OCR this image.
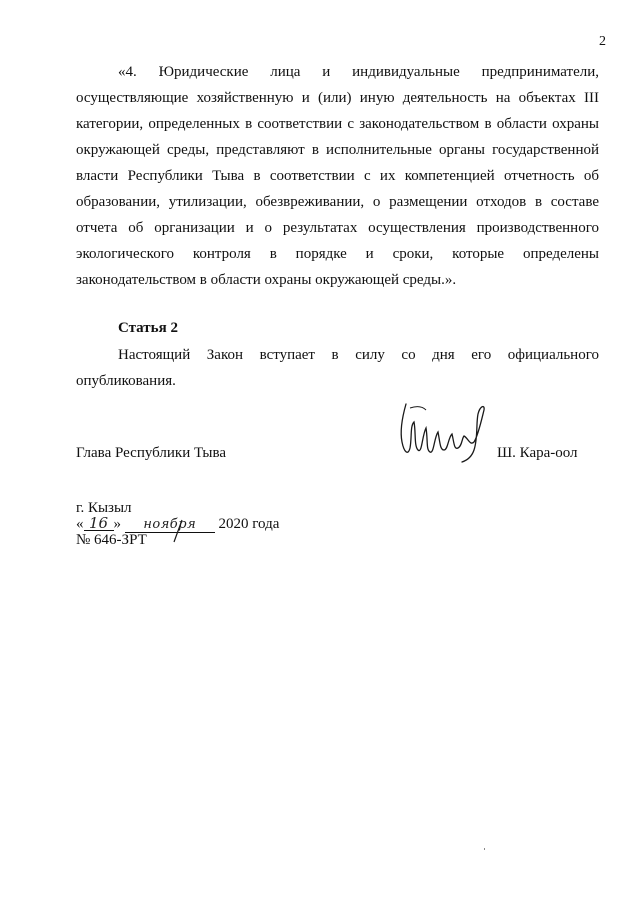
2
«4. Юридические лица и индивидуальные предприниматели,
осуществляющие хозяйственную и (или) иную деятельность на объектах III
категории, определенных в соответствии с законодательством в области охраны
окружающей среды, представляют в исполнительные органы государственной
власти Республики Тыва в соответствии с их компетенцией отчетность об
образовании, утилизации, обезвреживании, о размещении отходов в составе
отчета об организации и о результатах осуществления производственного
экологического контроля в порядке и сроки, которые определены
законодательством в области охраны окружающей среды.».
Статья 2
Настоящий Закон вступает в силу со дня его официального
опубликования.
Глава Республики Тыва	Ш. Кара-оол
г. Кызыл
« 16 » ноября 2020 года
№ 646-ЗРТ
